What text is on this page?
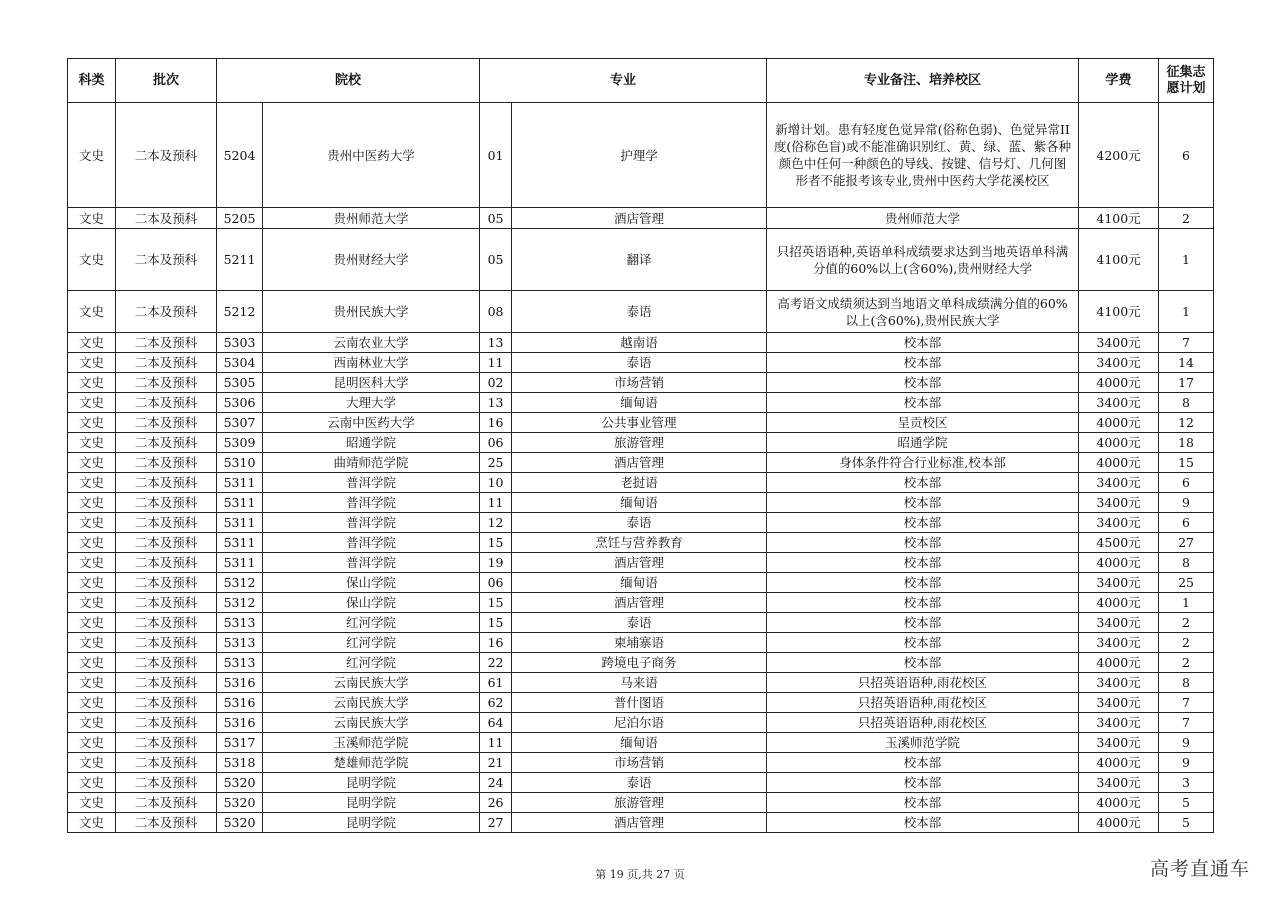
科类	批次	院校		专业		专业备注、培养校区	学费	征集志愿计划
文史	二本及预科	5204	贵州中医药大学	01	护理学	新增计划。患有轻度色觉异常(俗称色弱)、色觉异常II度(俗称色盲)或不能准确识别红、黄、绿、蓝、紫各种颜色中任何一种颜色的导线、按键、信号灯、几何图形者不能报考该专业,贵州中医药大学花溪校区	4200元	6
文史	二本及预科	5205	贵州师范大学	05	酒店管理	贵州师范大学	4100元	2
文史	二本及预科	5211	贵州财经大学	05	翻译	只招英语语种,英语单科成绩要求达到当地英语单科满分值的60%以上(含60%),贵州财经大学	4100元	1
文史	二本及预科	5212	贵州民族大学	08	泰语	高考语文成绩须达到当地语文单科成绩满分值的60%以上(含60%),贵州民族大学	4100元	1
文史	二本及预科	5303	云南农业大学	13	越南语	校本部	3400元	7
文史	二本及预科	5304	西南林业大学	11	泰语	校本部	3400元	14
文史	二本及预科	5305	昆明医科大学	02	市场营销	校本部	4000元	17
文史	二本及预科	5306	大理大学	13	缅甸语	校本部	3400元	8
文史	二本及预科	5307	云南中医药大学	16	公共事业管理	呈贡校区	4000元	12
文史	二本及预科	5309	昭通学院	06	旅游管理	昭通学院	4000元	18
文史	二本及预科	5310	曲靖师范学院	25	酒店管理	身体条件符合行业标准,校本部	4000元	15
文史	二本及预科	5311	普洱学院	10	老挝语	校本部	3400元	6
文史	二本及预科	5311	普洱学院	11	缅甸语	校本部	3400元	9
文史	二本及预科	5311	普洱学院	12	泰语	校本部	3400元	6
文史	二本及预科	5311	普洱学院	15	烹饪与营养教育	校本部	4500元	27
文史	二本及预科	5311	普洱学院	19	酒店管理	校本部	4000元	8
文史	二本及预科	5312	保山学院	06	缅甸语	校本部	3400元	25
文史	二本及预科	5312	保山学院	15	酒店管理	校本部	4000元	1
文史	二本及预科	5313	红河学院	15	泰语	校本部	3400元	2
文史	二本及预科	5313	红河学院	16	柬埔寨语	校本部	3400元	2
文史	二本及预科	5313	红河学院	22	跨境电子商务	校本部	4000元	2
文史	二本及预科	5316	云南民族大学	61	马来语	只招英语语种,雨花校区	3400元	8
文史	二本及预科	5316	云南民族大学	62	普什图语	只招英语语种,雨花校区	3400元	7
文史	二本及预科	5316	云南民族大学	64	尼泊尔语	只招英语语种,雨花校区	3400元	7
文史	二本及预科	5317	玉溪师范学院	11	缅甸语	玉溪师范学院	3400元	9
文史	二本及预科	5318	楚雄师范学院	21	市场营销	校本部	4000元	9
文史	二本及预科	5320	昆明学院	24	泰语	校本部	3400元	3
文史	二本及预科	5320	昆明学院	26	旅游管理	校本部	4000元	5
文史	二本及预科	5320	昆明学院	27	酒店管理	校本部	4000元	5
第 19 页,共 27 页	高考直通车
